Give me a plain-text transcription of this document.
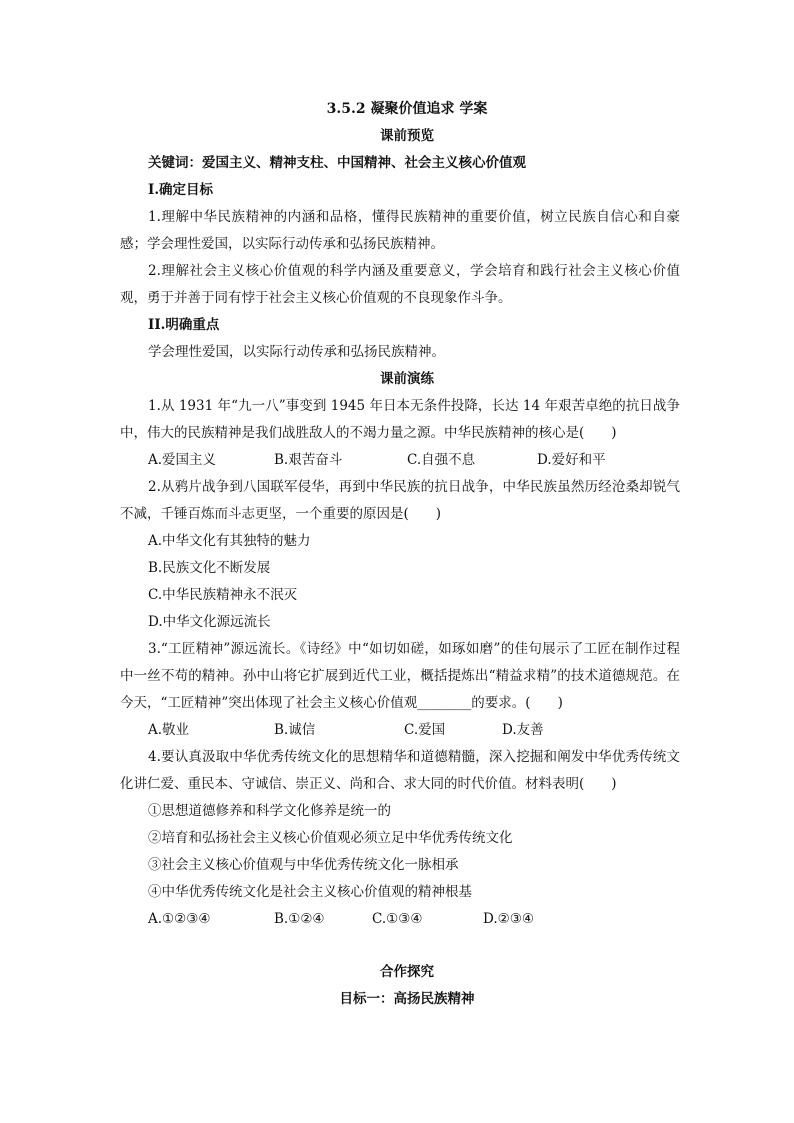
3.5.2 凝聚价值追求 学案
课前预览
关键词：爱国主义、精神支柱、中国精神、社会主义核心价值观
I.确定目标

1.理解中华民族精神的内涵和品格，懂得民族精神的重要价值，树立民族自信心和自豪感；学会理性爱国，以实际行动传承和弘扬民族精神。

2.理解社会主义核心价值观的科学内涵及重要意义，学会培育和践行社会主义核心价值观，勇于并善于同有悖于社会主义核心价值观的不良现象作斗争。

II.明确重点

学会理性爱国，以实际行动传承和弘扬民族精神。

课前演练

1.从 1931 年“九一八”事变到 1945 年日本无条件投降，长达 14 年艰苦卓绝的抗日战争中，伟大的民族精神是我们战胜敌人的不竭力量之源。中华民族精神的核心是(　　)

A.爱国主义	B.艰苦奋斗	C.自强不息	D.爱好和平

2.从鸦片战争到八国联军侵华，再到中华民族的抗日战争，中华民族虽然历经沧桑却锐气不减，千锤百炼而斗志更坚，一个重要的原因是(　　)

A.中华文化有其独特的魅力
B.民族文化不断发展
C.中华民族精神永不泯灭
D.中华文化源远流长

3.“工匠精神”源远流长。《诗经》中“如切如磋，如琢如磨”的佳句展示了工匠在制作过程中一丝不苟的精神。孙中山将它扩展到近代工业，概括提炼出“精益求精”的技术道德规范。在今天，“工匠精神”突出体现了社会主义核心价值观________的要求。(　　)

A.敬业	B.诚信	C.爱国	D.友善

4.要认真汲取中华优秀传统文化的思想精华和道德精髓，深入挖掘和阐发中华优秀传统文化讲仁爱、重民本、守诚信、崇正义、尚和合、求大同的时代价值。材料表明(　　)

①思想道德修养和科学文化修养是统一的
②培育和弘扬社会主义核心价值观必须立足中华优秀传统文化
③社会主义核心价值观与中华优秀传统文化一脉相承
④中华优秀传统文化是社会主义核心价值观的精神根基
A.①②③④	B.①②④	C.①③④	D.②③④
合作探究
目标一：高扬民族精神
